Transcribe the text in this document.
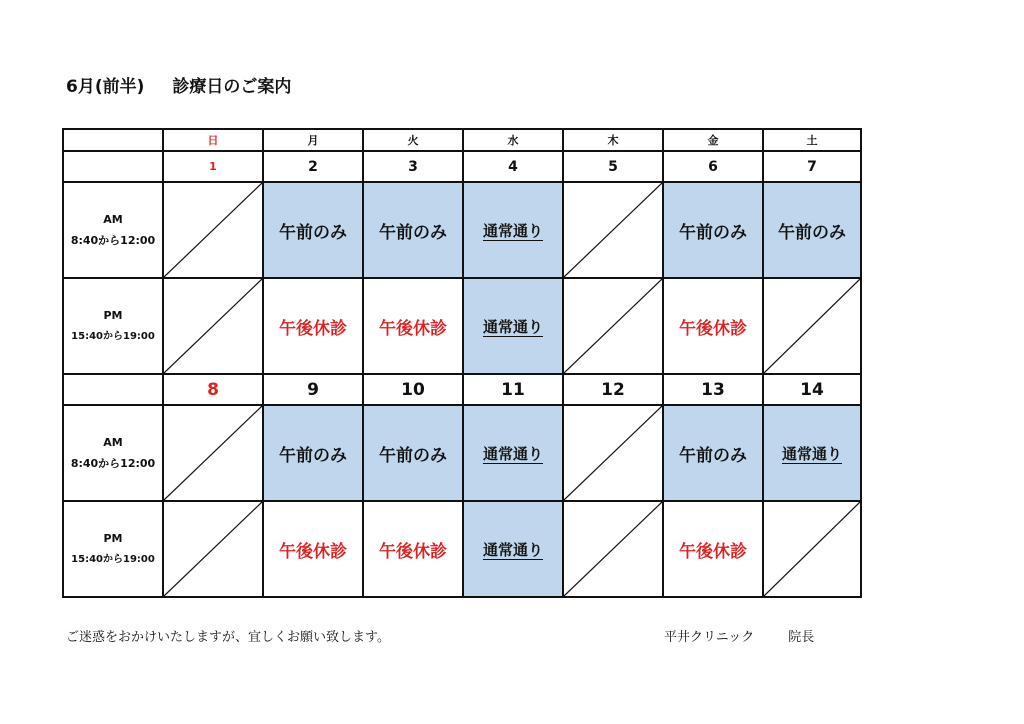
6月(前半) 診療日のご案内
	日	月	火	水	木	金	土
	1	2	3	4	5	6	7

AM
8:40から12:00		午前のみ	午前のみ	通常通り		午前のみ	午前のみ

PM
15:40から19:00		午後休診	午後休診	通常通り		午後休診	

	8	9	10	11	12	13	14

AM
8:40から12:00		午前のみ	午前のみ	通常通り		午前のみ	通常通り

PM
15:40から19:00		午後休診	午後休診	通常通り		午後休診	
ご迷惑をおかけいたしますが、宜しくお願い致します。	平井クリニック	院長
